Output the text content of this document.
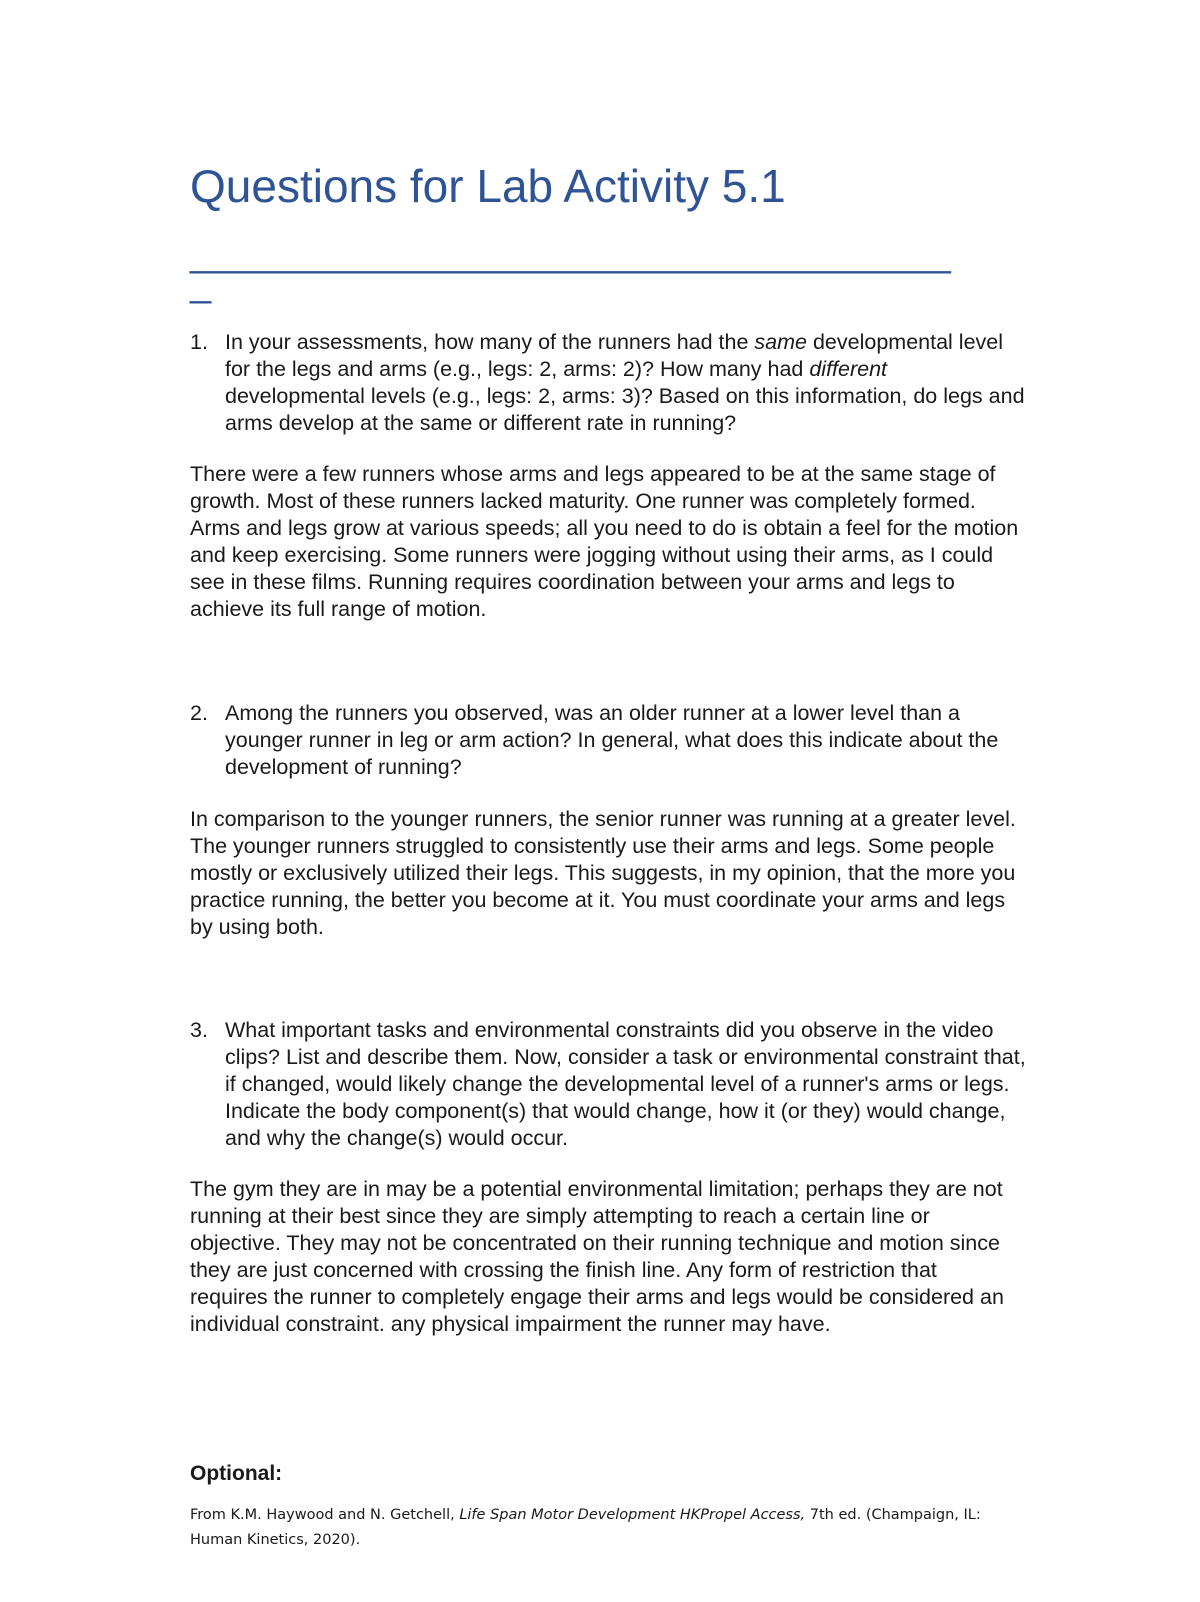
Questions for Lab Activity 5.1
____________________________________
_
1. In your assessments, how many of the runners had the same developmental level for the legs and arms (e.g., legs: 2, arms: 2)? How many had different developmental levels (e.g., legs: 2, arms: 3)? Based on this information, do legs and arms develop at the same or different rate in running?
There were a few runners whose arms and legs appeared to be at the same stage of growth. Most of these runners lacked maturity. One runner was completely formed. Arms and legs grow at various speeds; all you need to do is obtain a feel for the motion and keep exercising. Some runners were jogging without using their arms, as I could see in these films. Running requires coordination between your arms and legs to achieve its full range of motion.
2. Among the runners you observed, was an older runner at a lower level than a younger runner in leg or arm action? In general, what does this indicate about the development of running?
In comparison to the younger runners, the senior runner was running at a greater level. The younger runners struggled to consistently use their arms and legs. Some people mostly or exclusively utilized their legs. This suggests, in my opinion, that the more you practice running, the better you become at it. You must coordinate your arms and legs by using both.
3. What important tasks and environmental constraints did you observe in the video clips? List and describe them. Now, consider a task or environmental constraint that, if changed, would likely change the developmental level of a runner's arms or legs. Indicate the body component(s) that would change, how it (or they) would change, and why the change(s) would occur.
The gym they are in may be a potential environmental limitation; perhaps they are not running at their best since they are simply attempting to reach a certain line or objective. They may not be concentrated on their running technique and motion since they are just concerned with crossing the finish line. Any form of restriction that requires the runner to completely engage their arms and legs would be considered an individual constraint. any physical impairment the runner may have.
Optional:
From K.M. Haywood and N. Getchell, Life Span Motor Development HKPropel Access, 7th ed. (Champaign, IL: Human Kinetics, 2020).
